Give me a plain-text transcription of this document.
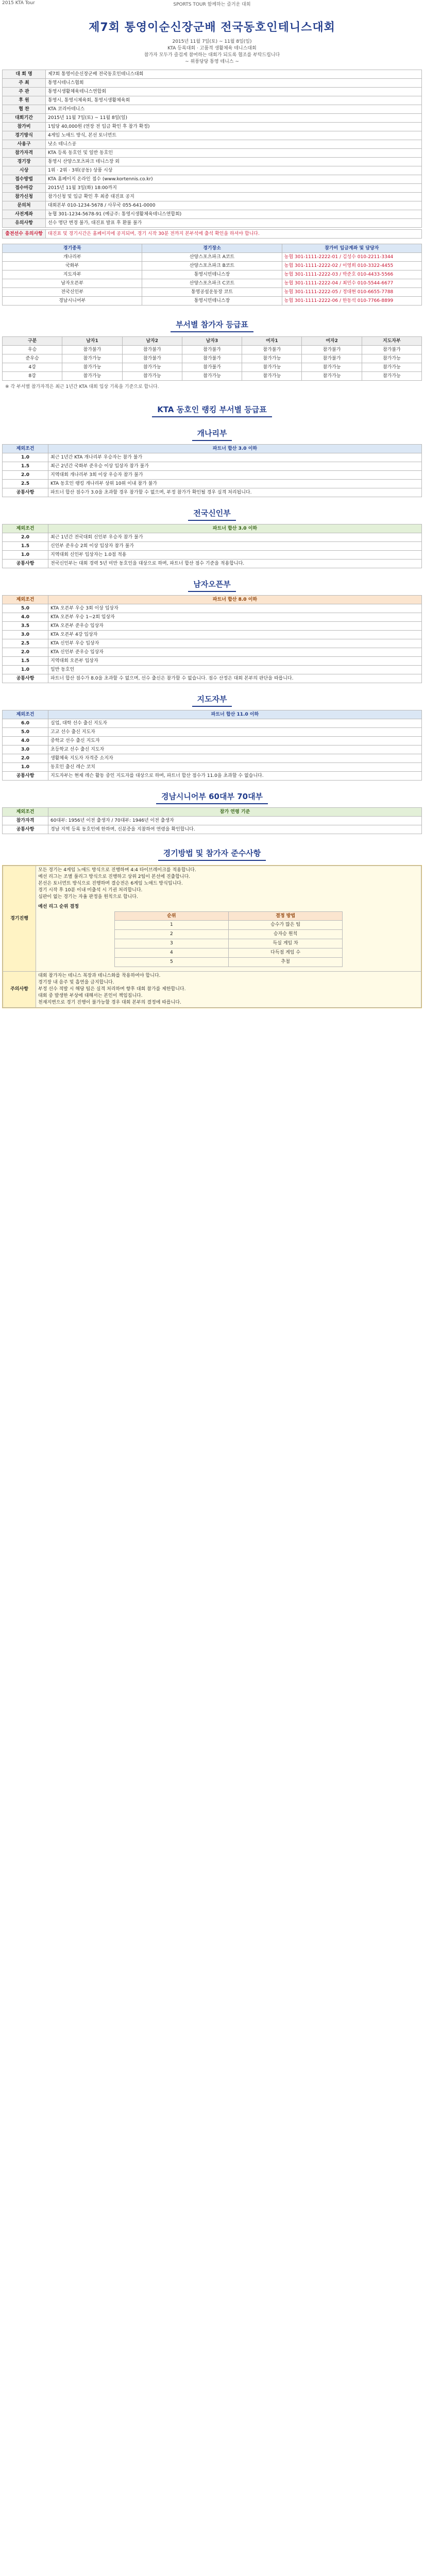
2015 KTA Tour	SPORTS TOUR 함께하는 즐거운 대회
제7회 통영이순신장군배 전국동호인테니스대회
2015년 11월 7일(토) ~ 11월 8일(일)
KTA 등록대회 · 고품격 생활체육 테니스대회
참가자 모두가 즐겁게 참여하는 대회가 되도록 협조를 부탁드립니다
~ 위풍당당 통영 테니스 ~
대 회 명	제7회 통영이순신장군배 전국동호인테니스대회
주 최	통영시테니스협회
주 관	통영시생활체육테니스연합회
후 원	통영시, 통영시체육회, 통영시생활체육회
협 찬	KTA 코리아테니스
대회기간	2015년 11월 7일(토) ~ 11월 8일(일)
참가비	1팀당 40,000원 (연장 전 입금 확인 후 참가 확정)
경기방식	4게임 노애드 방식, 본선 토너먼트
사용구	낫소 테니스공
참가자격	KTA 등록 동호인 및 일반 동호인
경기장	통영시 산양스포츠파크 테니스장 외
시상	1위 · 2위 · 3위(공동) 상품 시상
접수방법	KTA 홈페이지 온라인 접수 (www.kortennis.co.kr)
접수마감	2015년 11월 3일(화) 18:00까지
참가신청	참가신청 및 입금 확인 후 최종 대진표 공지
문의처	대회본부 010-1234-5678 / 사무국 055-641-0000
사전계좌	농협 301-1234-5678-91 (예금주: 통영시생활체육테니스연합회)
유의사항	선수 명단 변경 불가, 대진표 발표 후 환불 불가
출전선수 유의사항	대진표 및 경기시간은 홈페이지에 공지되며, 경기 시작 30분 전까지 본부석에 출석 확인을 하셔야 합니다.
경기종목	경기장소	참가비 입금계좌 및 담당자
개나리부	산양스포츠파크 A코트	농협 301-1111-2222-01 / 김성수 010-2211-3344
국화부	산양스포츠파크 B코트	농협 301-1111-2222-02 / 이영희 010-3322-4455
지도자부	통영시민테니스장	농협 301-1111-2222-03 / 박준호 010-4433-5566
남자오픈부	산양스포츠파크 C코트	농협 301-1111-2222-04 / 최민수 010-5544-6677
전국신인부	통영공설운동장 코트	농협 301-1111-2222-05 / 정대현 010-6655-7788
경남시니어부	통영시민테니스장	농협 301-1111-2222-06 / 한동석 010-7766-8899
부서별 참가자 등급표
구분	남자1	남자2	남자3	여자1	여자2	지도자부
우승	참가불가	참가불가	참가불가	참가불가	참가불가	참가불가
준우승	참가가능	참가불가	참가불가	참가가능	참가불가	참가가능
4강	참가가능	참가가능	참가불가	참가가능	참가가능	참가가능
8강	참가가능	참가가능	참가가능	참가가능	참가가능	참가가능
※ 각 부서별 참가자격은 최근 1년간 KTA 대회 입상 기록을 기준으로 합니다.
KTA 동호인 랭킹 부서별 등급표
개나리부
제외조건	파트너 합산 3.0 이하
1.0	최근 1년간 KTA 개나리부 우승자는 참가 불가
1.5	최근 2년간 국화부 준우승 이상 입상자 참가 불가
2.0	지역대회 개나리부 3회 이상 우승자 참가 불가
2.5	KTA 동호인 랭킹 개나리부 상위 10위 이내 참가 불가
공통사항	파트너 합산 점수가 3.0을 초과할 경우 참가할 수 없으며, 부정 참가가 확인될 경우 실격 처리됩니다.
전국신인부
제외조건	파트너 합산 3.0 이하
2.0	최근 1년간 전국대회 신인부 우승자 참가 불가
1.5	신인부 준우승 2회 이상 입상자 참가 불가
1.0	지역대회 신인부 입상자는 1.0점 적용
공통사항	전국신인부는 대회 경력 5년 미만 동호인을 대상으로 하며, 파트너 합산 점수 기준을 적용합니다.
남자오픈부
제외조건	파트너 합산 8.0 이하
5.0	KTA 오픈부 우승 3회 이상 입상자
4.0	KTA 오픈부 우승 1~2회 입상자
3.5	KTA 오픈부 준우승 입상자
3.0	KTA 오픈부 4강 입상자
2.5	KTA 신인부 우승 입상자
2.0	KTA 신인부 준우승 입상자
1.5	지역대회 오픈부 입상자
1.0	일반 동호인
공통사항	파트너 합산 점수가 8.0을 초과할 수 없으며, 선수 출신은 참가할 수 없습니다. 점수 산정은 대회 본부의 판단을 따릅니다.
지도자부
제외조건	파트너 합산 11.0 이하
6.0	실업, 대학 선수 출신 지도자
5.0	고교 선수 출신 지도자
4.0	중학교 선수 출신 지도자
3.0	초등학교 선수 출신 지도자
2.0	생활체육 지도자 자격증 소지자
1.0	동호인 출신 레슨 코치
공통사항	지도자부는 현재 레슨 활동 중인 지도자를 대상으로 하며, 파트너 합산 점수가 11.0을 초과할 수 없습니다.
경남시니어부 60대부 70대부
제외조건	참가 연령 기준
참가자격	60대부: 1956년 이전 출생자 / 70대부: 1946년 이전 출생자
공통사항	경남 지역 등록 동호인에 한하며, 신분증을 지참하여 연령을 확인합니다.
경기방법 및 참가자 준수사항
경기진행	
모든 경기는 4게임 노애드 방식으로 진행하며 4:4 타이브레이크를 적용합니다.
예선 리그는 조별 풀리그 방식으로 진행하고 상위 2팀이 본선에 진출합니다.
본선은 토너먼트 방식으로 진행하며 결승전은 6게임 노애드 방식입니다.
경기 시작 후 10분 이내 미출석 시 기권 처리합니다.
심판이 없는 경기는 자율 판정을 원칙으로 합니다.
예선 리그 순위 결정
순위	결정 방법
1	승수가 많은 팀
2	승자승 원칙
3	득실 게임 차
4	다득점 게임 수
5	추첨

주의사항	
대회 참가자는 테니스 복장과 테니스화를 착용하여야 합니다.
경기장 내 음주 및 흡연을 금지합니다.
부정 선수 적발 시 해당 팀은 실격 처리하며 향후 대회 참가를 제한합니다.
대회 중 발생한 부상에 대해서는 본인이 책임집니다.
천재지변으로 경기 진행이 불가능할 경우 대회 본부의 결정에 따릅니다.
